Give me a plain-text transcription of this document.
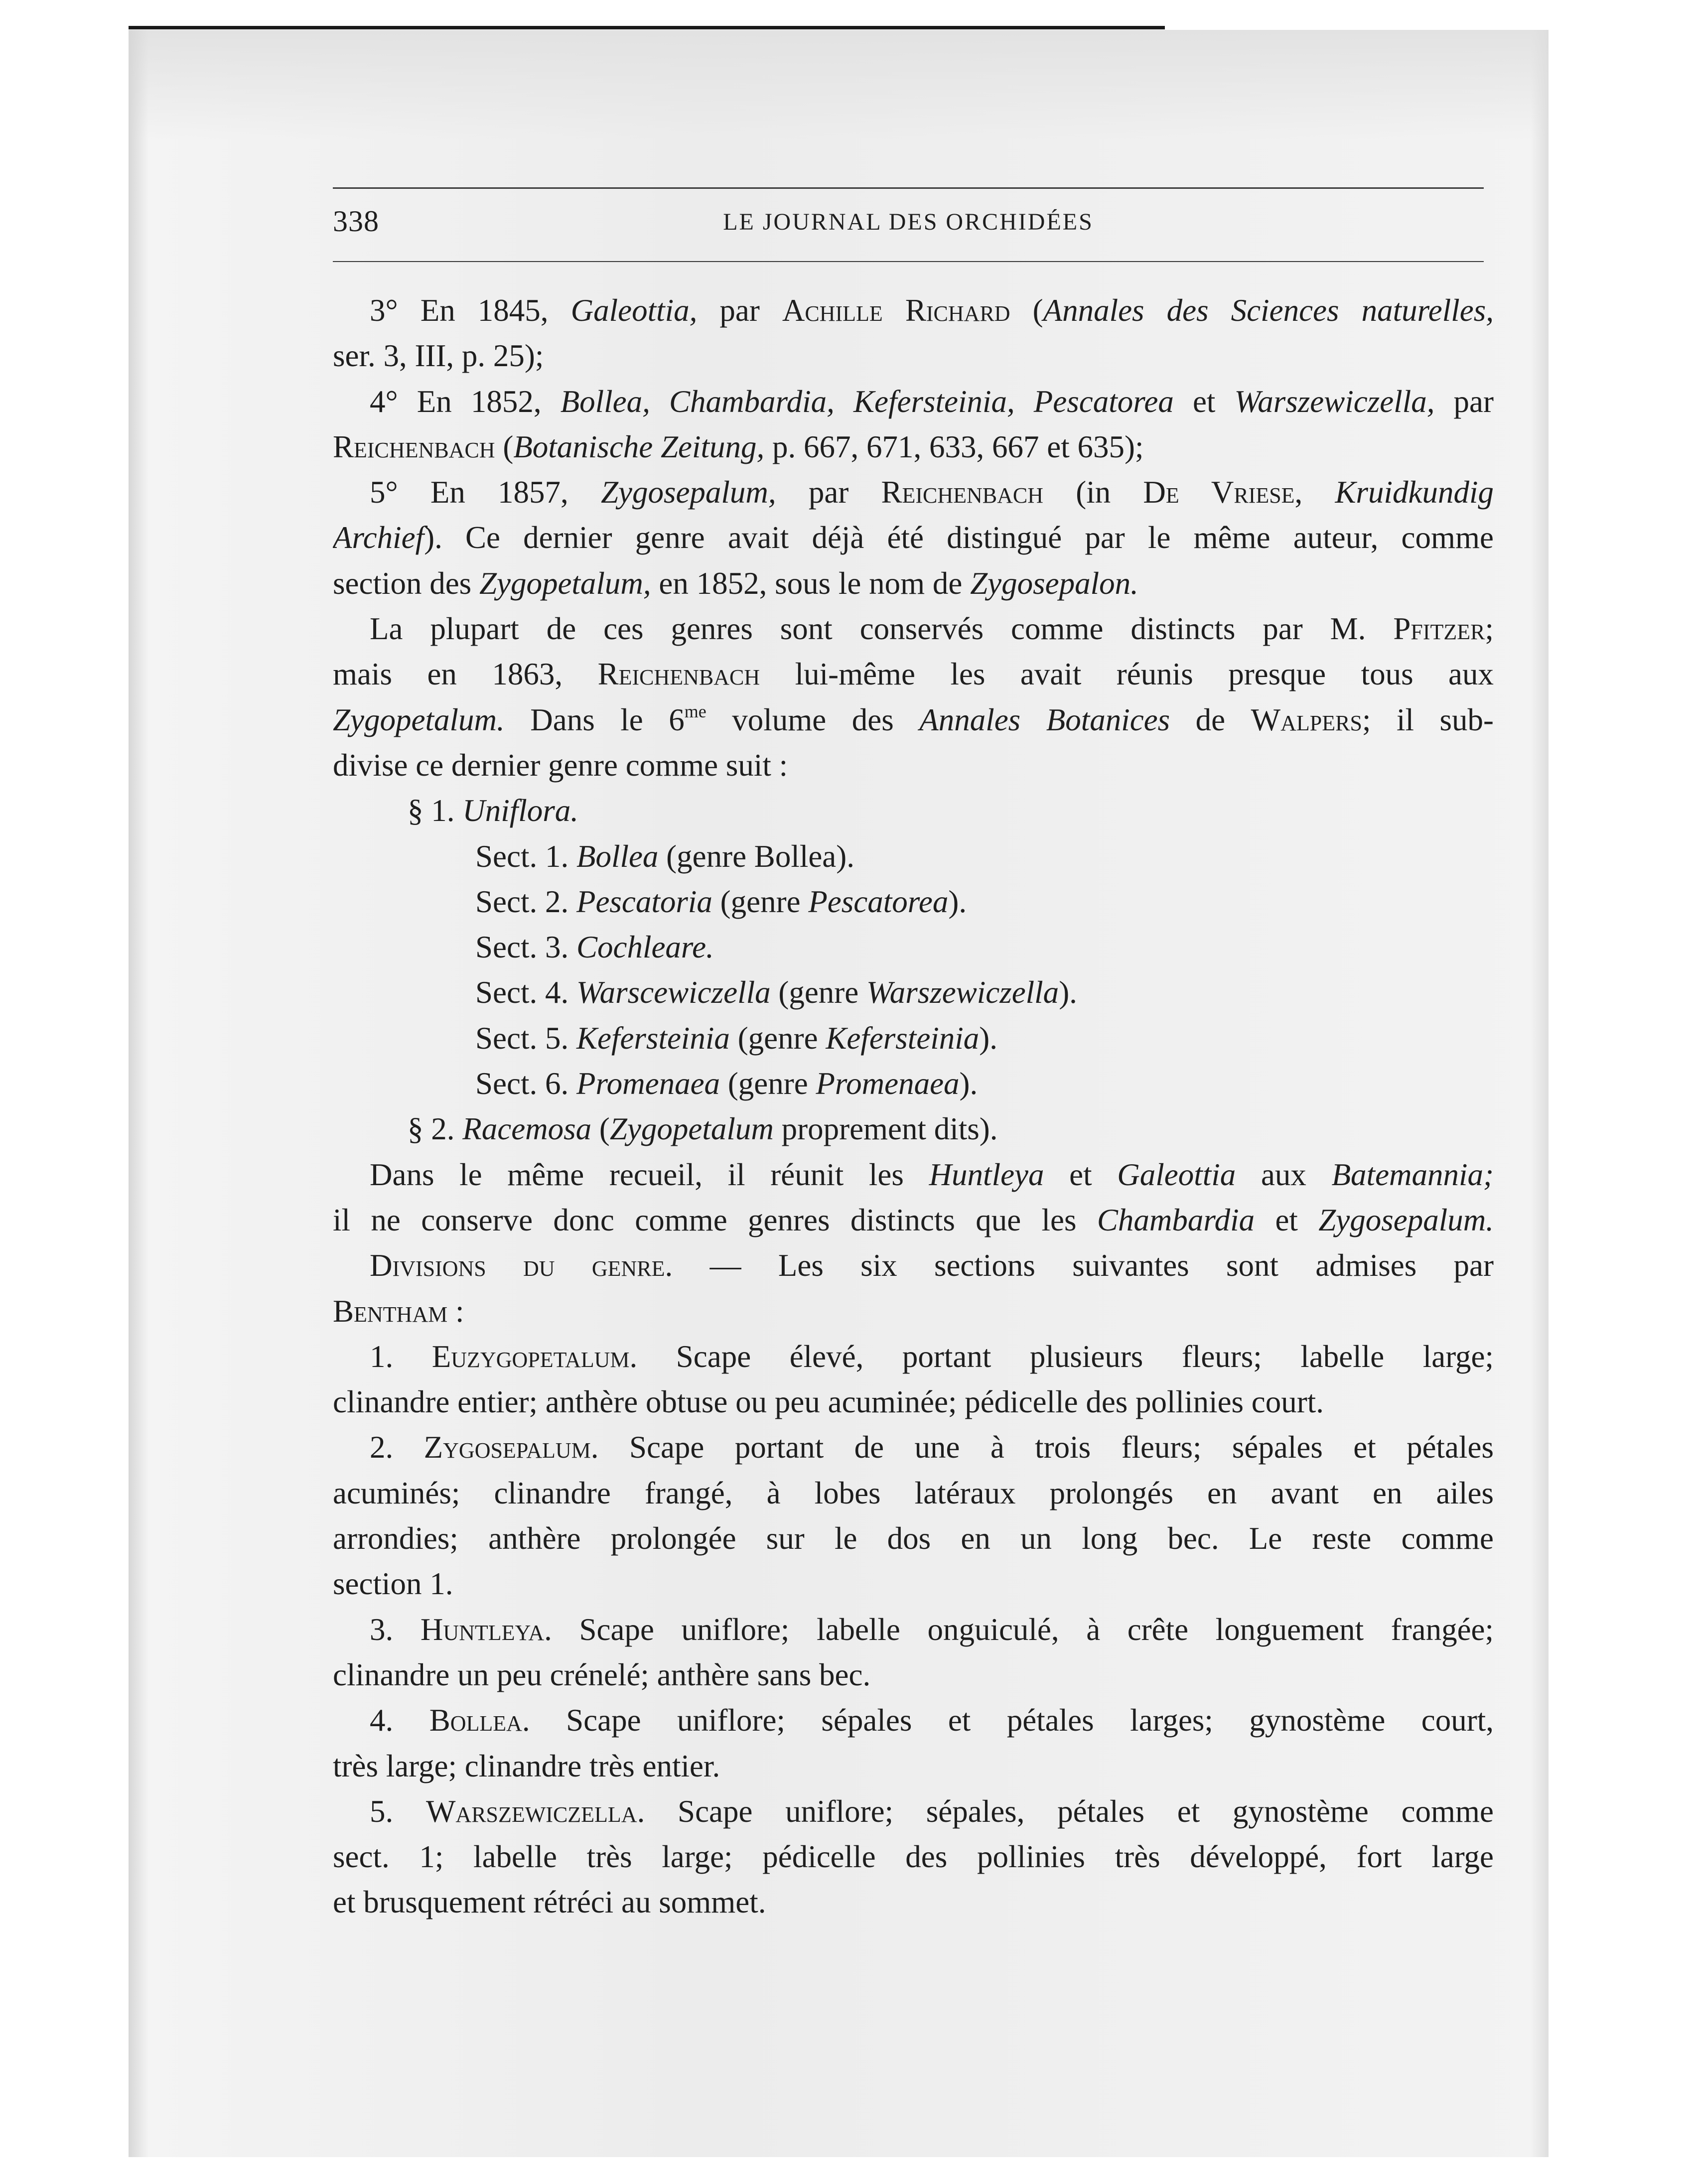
338	LE JOURNAL DES ORCHIDÉES
3° En 1845, Galeottia, par Achille Richard (Annales des Sciences naturelles,
ser. 3, III, p. 25);
4° En 1852, Bollea, Chambardia, Kefersteinia, Pescatorea et Warszewiczella, par
Reichenbach (Botanische Zeitung, p. 667, 671, 633, 667 et 635);
5° En 1857, Zygosepalum, par Reichenbach (in De Vriese, Kruidkundig
Archief). Ce dernier genre avait déjà été distingué par le même auteur, comme
section des Zygopetalum, en 1852, sous le nom de Zygosepalon.
La plupart de ces genres sont conservés comme distincts par M. Pfitzer;
mais en 1863, Reichenbach lui-même les avait réunis presque tous aux
Zygopetalum. Dans le $6^{me}$ volume des Annales Botanices de Walpers; il sub-
divise ce dernier genre comme suit :
§ 1. Uniflora.
Sect. 1. Bollea (genre Bollea).
Sect. 2. Pescatoria (genre Pescatorea).
Sect. 3. Cochleare.
Sect. 4. Warscewiczella (genre Warszewiczella).
Sect. 5. Kefersteinia (genre Kefersteinia).
Sect. 6. Promenaea (genre Promenaea).
§ 2. Racemosa (Zygopetalum proprement dits).
Dans le même recueil, il réunit les Huntleya et Galeottia aux Batemannia;
il ne conserve donc comme genres distincts que les Chambardia et Zygosepalum.
Divisions du genre. — Les six sections suivantes sont admises par
Bentham :
1. Euzygopetalum. Scape élevé, portant plusieurs fleurs; labelle large;
clinandre entier; anthère obtuse ou peu acuminée; pédicelle des pollinies court.
2. Zygosepalum. Scape portant de une à trois fleurs; sépales et pétales
acuminés; clinandre frangé, à lobes latéraux prolongés en avant en ailes
arrondies; anthère prolongée sur le dos en un long bec. Le reste comme
section 1.
3. Huntleya. Scape uniflore; labelle onguiculé, à crête longuement frangée;
clinandre un peu crénelé; anthère sans bec.
4. Bollea. Scape uniflore; sépales et pétales larges; gynostème court,
très large; clinandre très entier.
5. Warszewiczella. Scape uniflore; sépales, pétales et gynostème comme
sect. 1; labelle très large; pédicelle des pollinies très développé, fort large
et brusquement rétréci au sommet.
